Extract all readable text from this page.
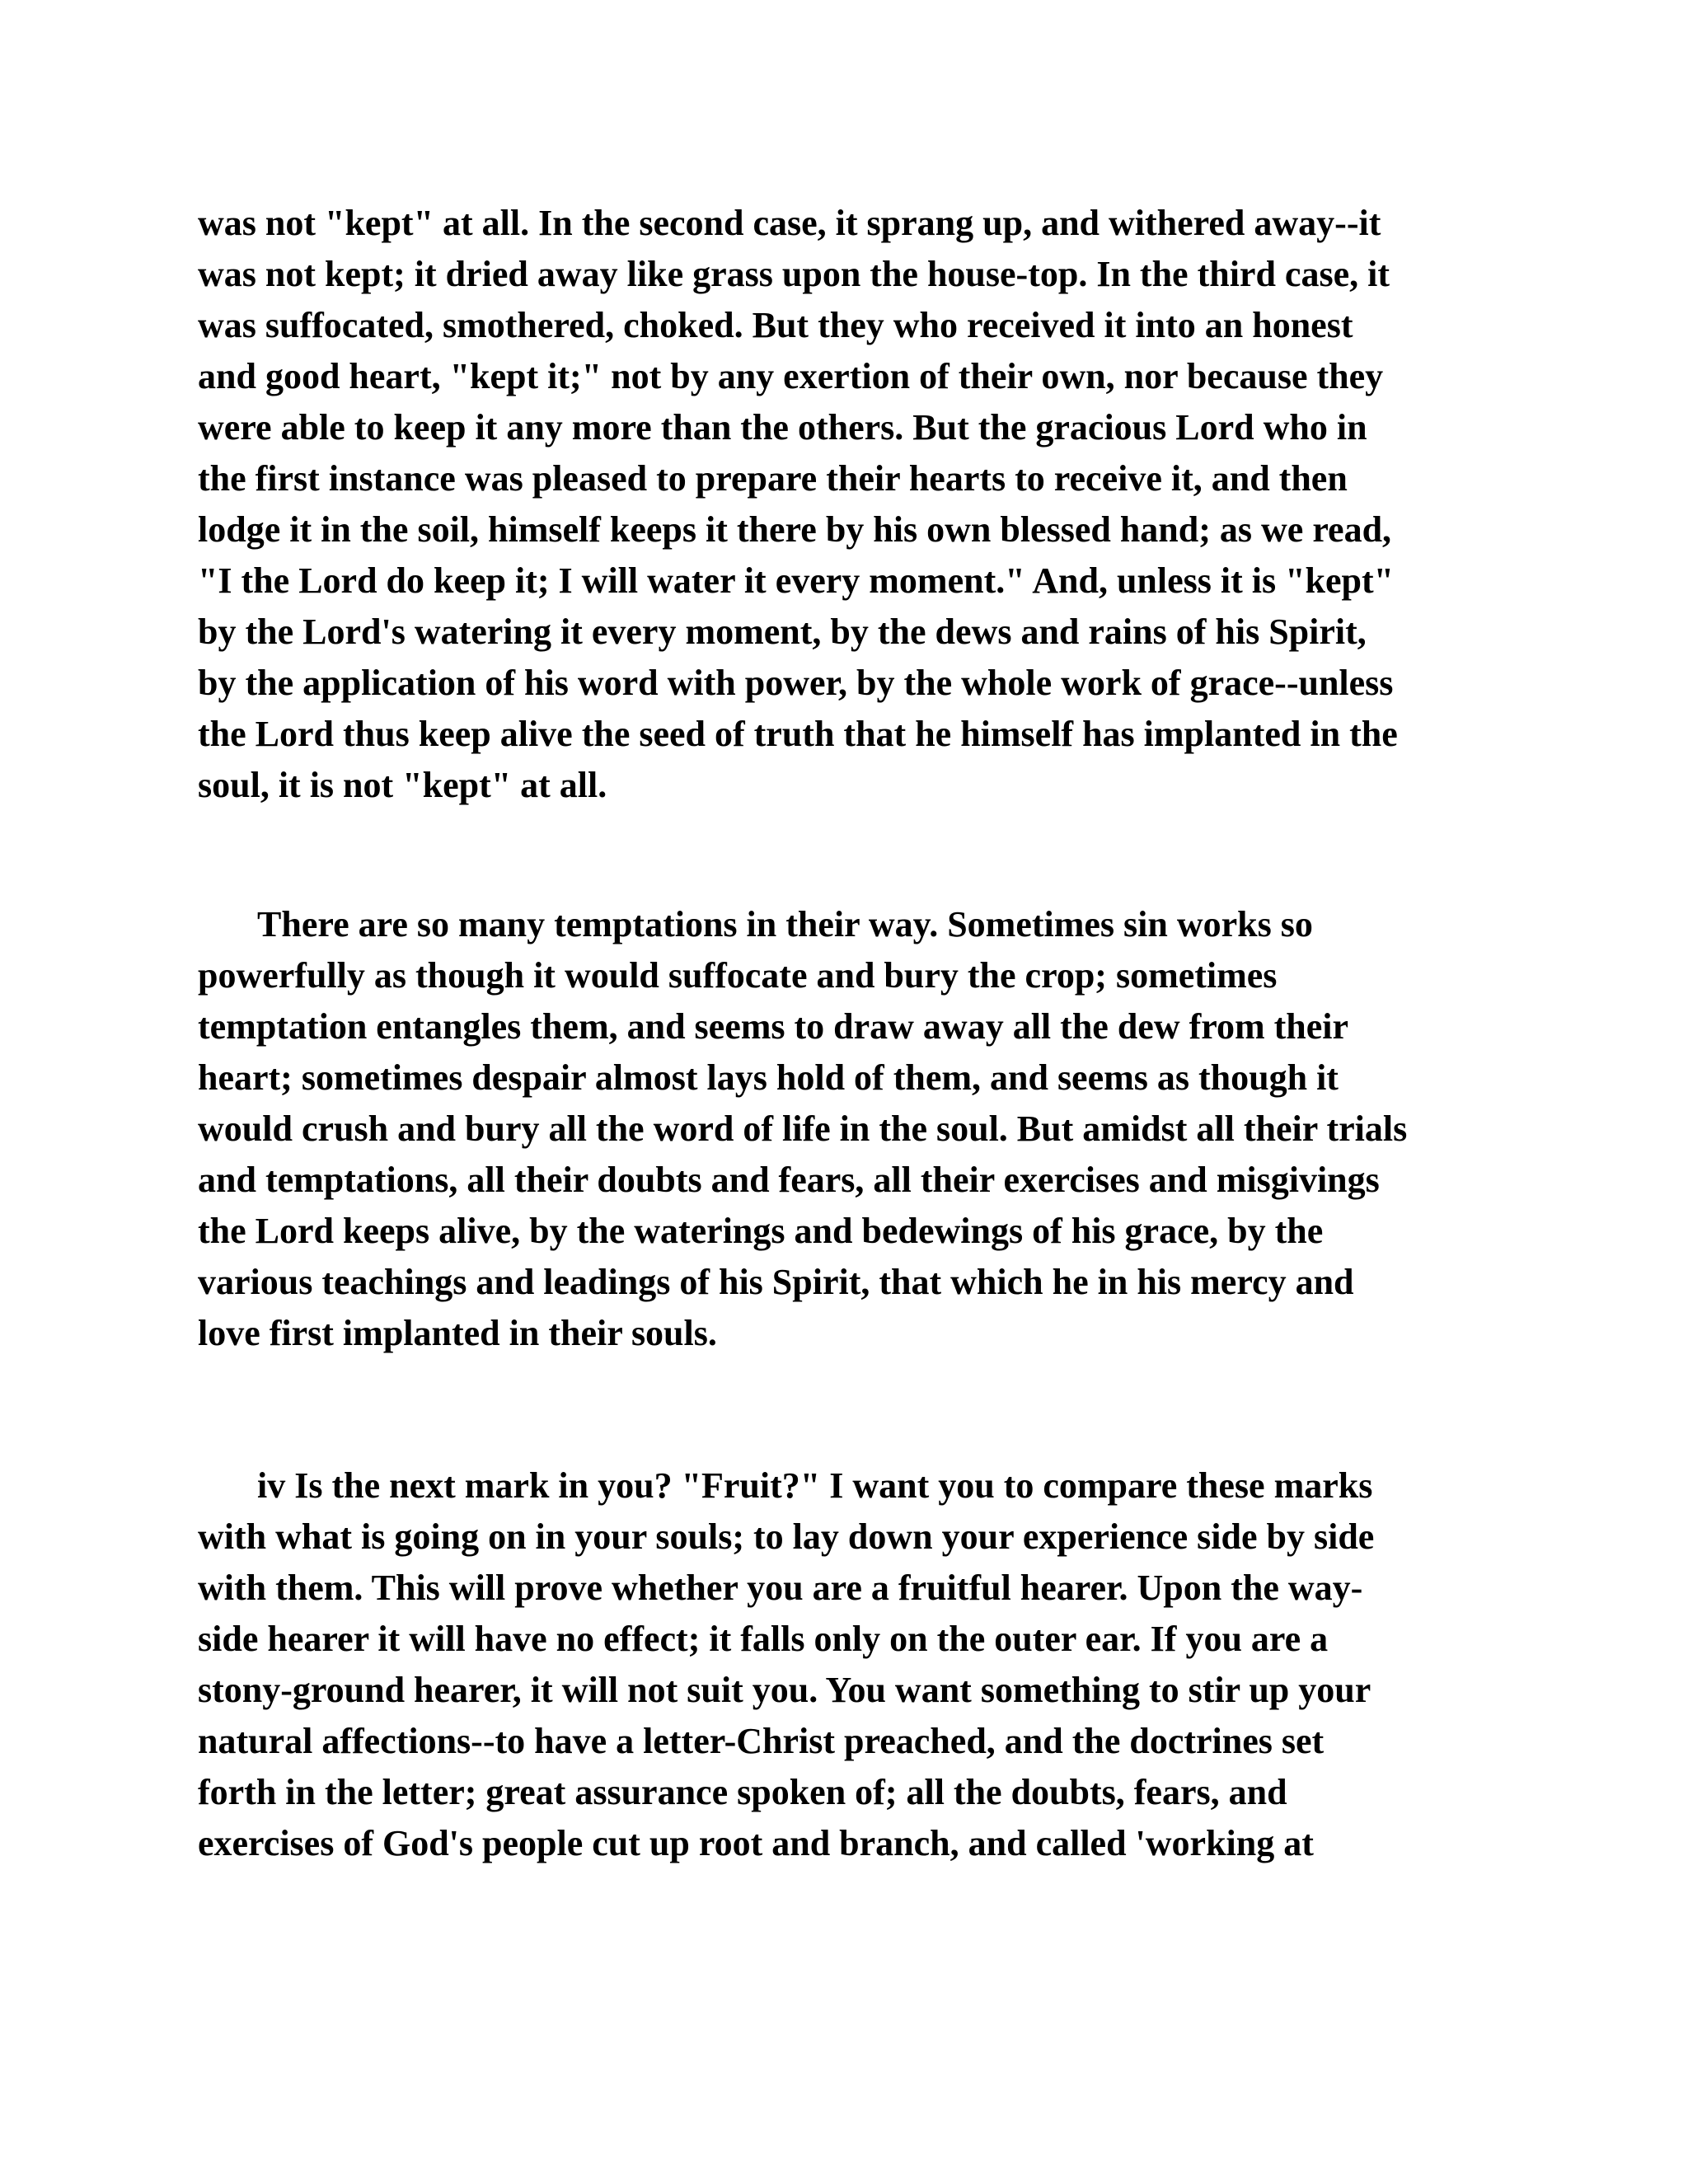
was not "kept" at all. In the second case, it sprang up, and withered away--it
was not kept; it dried away like grass upon the house-top. In the third case, it
was suffocated, smothered, choked. But they who received it into an honest
and good heart, "kept it;" not by any exertion of their own, nor because they
were able to keep it any more than the others. But the gracious Lord who in
the first instance was pleased to prepare their hearts to receive it, and then
lodge it in the soil, himself keeps it there by his own blessed hand; as we read,
"I the Lord do keep it; I will water it every moment." And, unless it is "kept"
by the Lord's watering it every moment, by the dews and rains of his Spirit,
by the application of his word with power, by the whole work of grace--unless
the Lord thus keep alive the seed of truth that he himself has implanted in the
soul, it is not "kept" at all.
There are so many temptations in their way. Sometimes sin works so
powerfully as though it would suffocate and bury the crop; sometimes
temptation entangles them, and seems to draw away all the dew from their
heart; sometimes despair almost lays hold of them, and seems as though it
would crush and bury all the word of life in the soul. But amidst all their trials
and temptations, all their doubts and fears, all their exercises and misgivings
the Lord keeps alive, by the waterings and bedewings of his grace, by the
various teachings and leadings of his Spirit, that which he in his mercy and
love first implanted in their souls.
iv Is the next mark in you? "Fruit?" I want you to compare these marks
with what is going on in your souls; to lay down your experience side by side
with them. This will prove whether you are a fruitful hearer. Upon the way-
side hearer it will have no effect; it falls only on the outer ear. If you are a
stony-ground hearer, it will not suit you. You want something to stir up your
natural affections--to have a letter-Christ preached, and the doctrines set
forth in the letter; great assurance spoken of; all the doubts, fears, and
exercises of God's people cut up root and branch, and called 'working at
